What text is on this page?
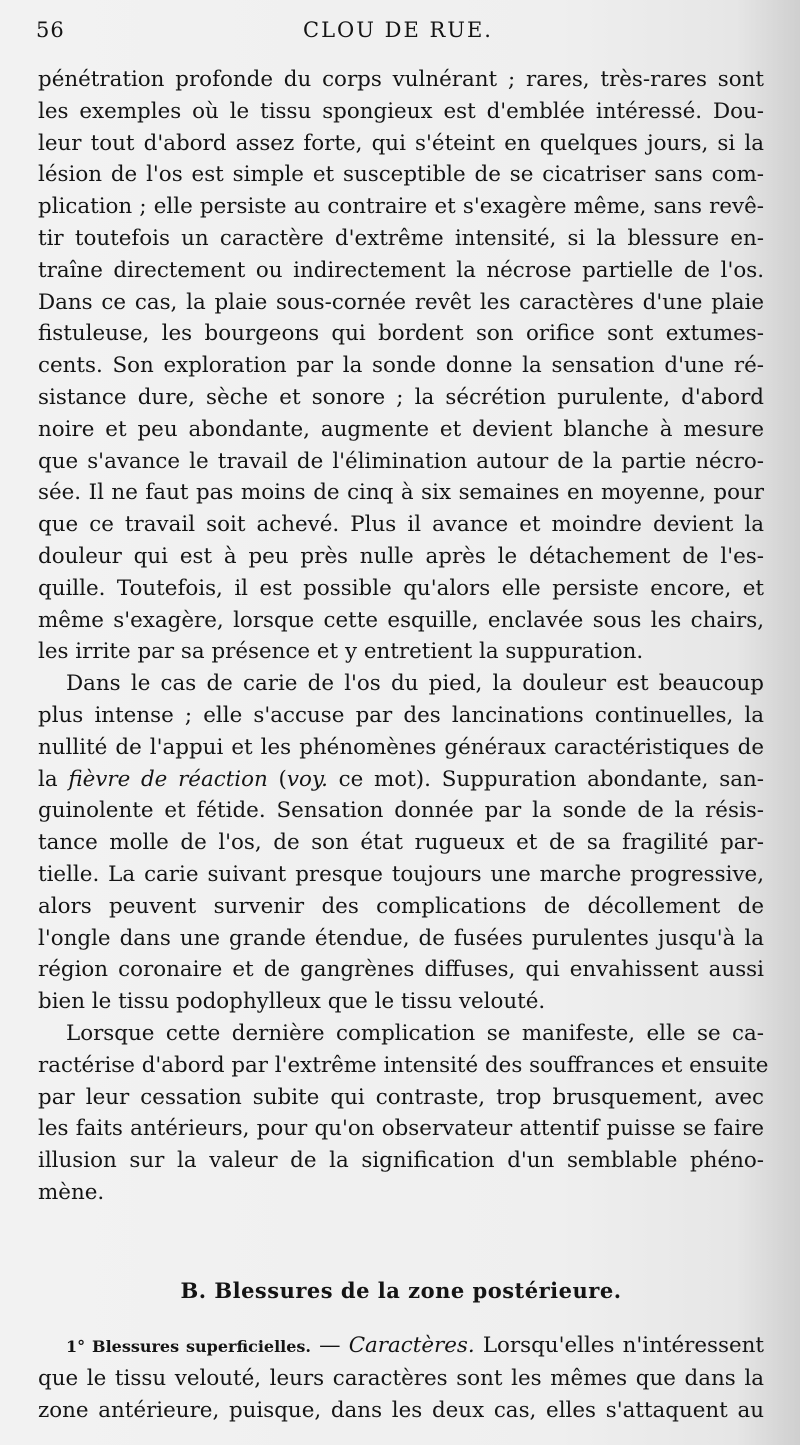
56	CLOU DE RUE.
pénétration profonde du corps vulnérant ; rares, très-rares sont
les exemples où le tissu spongieux est d'emblée intéressé. Dou-
leur tout d'abord assez forte, qui s'éteint en quelques jours, si la
lésion de l'os est simple et susceptible de se cicatriser sans com-
plication ; elle persiste au contraire et s'exagère même, sans revê-
tir toutefois un caractère d'extrême intensité, si la blessure en-
traîne directement ou indirectement la nécrose partielle de l'os.
Dans ce cas, la plaie sous-cornée revêt les caractères d'une plaie
fistuleuse, les bourgeons qui bordent son orifice sont extumes-
cents. Son exploration par la sonde donne la sensation d'une ré-
sistance dure, sèche et sonore ; la sécrétion purulente, d'abord
noire et peu abondante, augmente et devient blanche à mesure
que s'avance le travail de l'élimination autour de la partie nécro-
sée. Il ne faut pas moins de cinq à six semaines en moyenne, pour
que ce travail soit achevé. Plus il avance et moindre devient la
douleur qui est à peu près nulle après le détachement de l'es-
quille. Toutefois, il est possible qu'alors elle persiste encore, et
même s'exagère, lorsque cette esquille, enclavée sous les chairs,
les irrite par sa présence et y entretient la suppuration.
Dans le cas de carie de l'os du pied, la douleur est beaucoup
plus intense ; elle s'accuse par des lancinations continuelles, la
nullité de l'appui et les phénomènes généraux caractéristiques de
la fièvre de réaction (voy. ce mot). Suppuration abondante, san-
guinolente et fétide. Sensation donnée par la sonde de la résis-
tance molle de l'os, de son état rugueux et de sa fragilité par-
tielle. La carie suivant presque toujours une marche progressive,
alors peuvent survenir des complications de décollement de
l'ongle dans une grande étendue, de fusées purulentes jusqu'à la
région coronaire et de gangrènes diffuses, qui envahissent aussi
bien le tissu podophylleux que le tissu velouté.
Lorsque cette dernière complication se manifeste, elle se ca-
ractérise d'abord par l'extrême intensité des souffrances et ensuite
par leur cessation subite qui contraste, trop brusquement, avec
les faits antérieurs, pour qu'on observateur attentif puisse se faire
illusion sur la valeur de la signification d'un semblable phéno-
mène.
B. Blessures de la zone postérieure.
1° Blessures superficielles. — Caractères. Lorsqu'elles n'intéressent
que le tissu velouté, leurs caractères sont les mêmes que dans la
zone antérieure, puisque, dans les deux cas, elles s'attaquent au
